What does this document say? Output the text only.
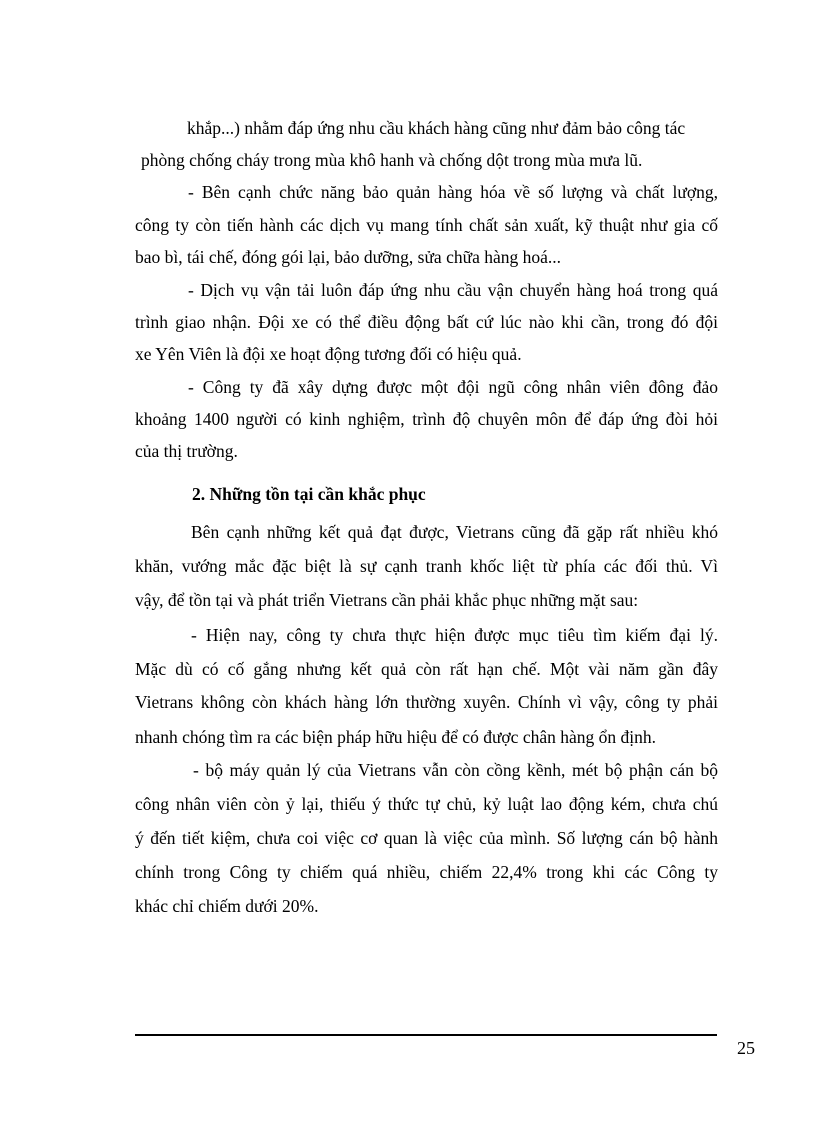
khắp...) nhằm đáp ứng nhu cầu khách hàng cũng như đảm bảo công tác
phòng chống cháy trong mùa khô hanh và chống dột trong mùa mưa lũ.
- Bên cạnh chức năng bảo quản hàng hóa về số lượng và chất lượng,
công ty còn tiến hành các dịch vụ mang tính chất sản xuất, kỹ thuật như gia cố
bao bì, tái chế, đóng gói lại, bảo dưỡng, sửa chữa hàng hoá...
- Dịch vụ vận tải luôn đáp ứng nhu cầu vận chuyển hàng hoá trong quá
trình giao nhận. Đội xe có thể điều động bất cứ lúc nào khi cần, trong đó đội
xe Yên Viên là đội xe hoạt động tương đối có hiệu quả.
- Công ty đã xây dựng được một đội ngũ công nhân viên đông đảo
khoảng 1400 người có kinh nghiệm, trình độ chuyên môn để đáp ứng đòi hỏi
của thị trường.
2. Những tồn tại cần khắc phục
Bên cạnh những kết quả đạt được, Vietrans cũng đã gặp rất nhiều khó
khăn, vướng mắc đặc biệt là sự cạnh tranh khốc liệt từ phía các đối thủ. Vì
vậy, để tồn tại và phát triển Vietrans cần phải khắc phục những mặt sau:
- Hiện nay, công ty chưa thực hiện được mục tiêu tìm kiếm đại lý.
Mặc dù có cố gắng nhưng kết quả còn rất hạn chế. Một vài năm gần đây
Vietrans không còn khách hàng lớn thường xuyên. Chính vì vậy, công ty phải
nhanh chóng tìm ra các biện pháp hữu hiệu để có được chân hàng ổn định.
- bộ máy quản lý của Vietrans vẫn còn cồng kềnh, mét bộ phận cán bộ
công nhân viên còn ỷ lại, thiếu ý thức tự chủ, kỷ luật lao động kém, chưa chú
ý đến tiết kiệm, chưa coi việc cơ quan là việc của mình. Số lượng cán bộ hành
chính trong Công ty chiếm quá nhiều, chiếm 22,4% trong khi các Công ty
khác chỉ chiếm dưới 20%.
25
